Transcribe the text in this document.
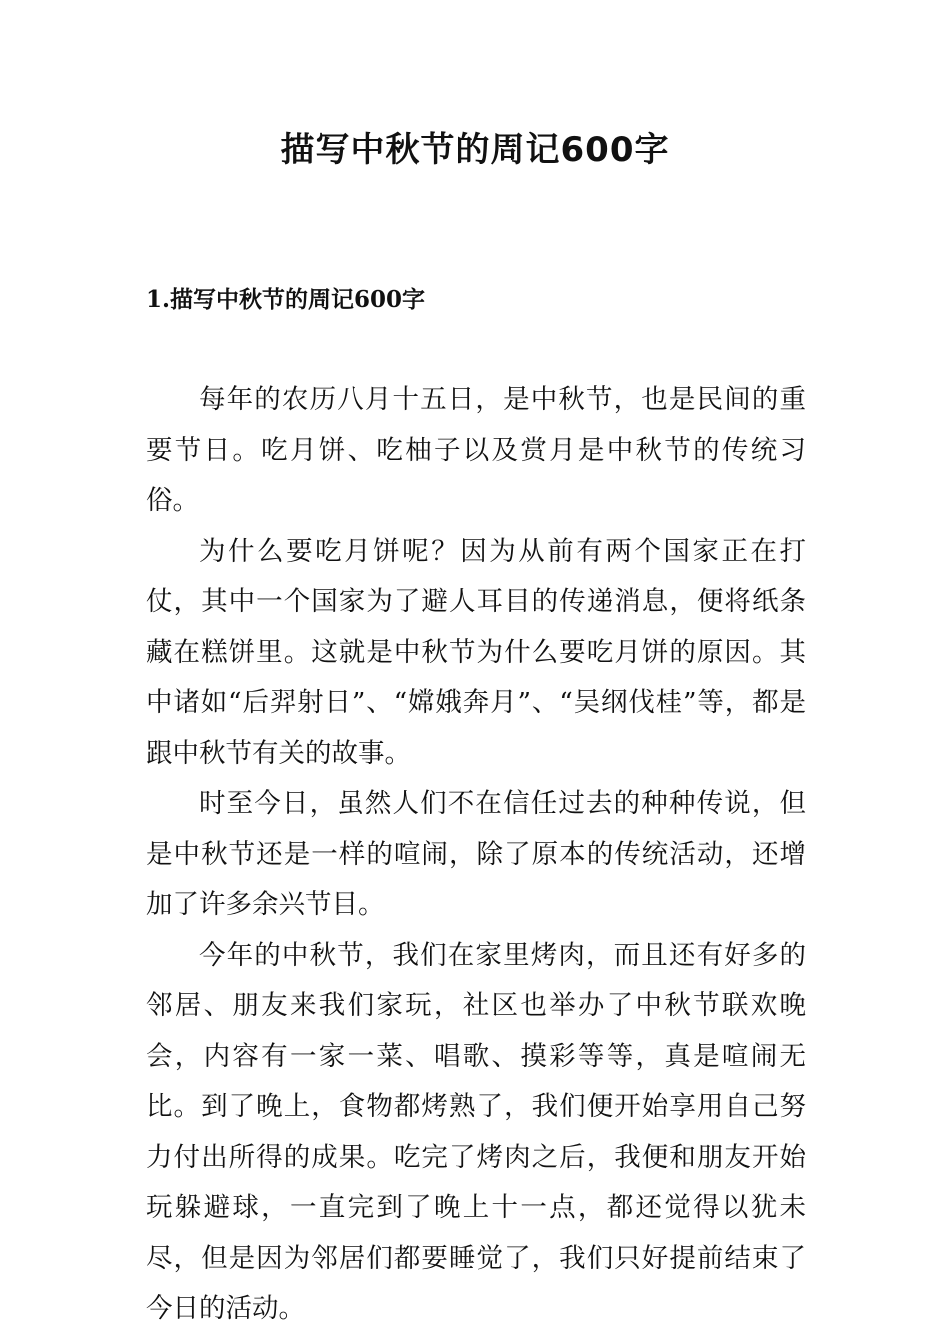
描写中秋节的周记600字
1.描写中秋节的周记600字

每年的农历八月十五日，是中秋节，也是民间的重要节日。吃月饼、吃柚子以及赏月是中秋节的传统习俗。

为什么要吃月饼呢？因为从前有两个国家正在打仗，其中一个国家为了避人耳目的传递消息，便将纸条藏在糕饼里。这就是中秋节为什么要吃月饼的原因。其中诸如“后羿射日”、“嫦娥奔月”、“吴纲伐桂”等，都是跟中秋节有关的故事。

时至今日，虽然人们不在信任过去的种种传说，但是中秋节还是一样的喧闹，除了原本的传统活动，还增加了许多余兴节目。

今年的中秋节，我们在家里烤肉，而且还有好多的邻居、朋友来我们家玩，社区也举办了中秋节联欢晚会，内容有一家一菜、唱歌、摸彩等等，真是喧闹无比。到了晚上，食物都烤熟了，我们便开始享用自己努力付出所得的成果。吃完了烤肉之后，我便和朋友开始玩躲避球，一直完到了晚上十一点，都还觉得以犹未尽，但是因为邻居们都要睡觉了，我们只好提前结束了今日的活动。
